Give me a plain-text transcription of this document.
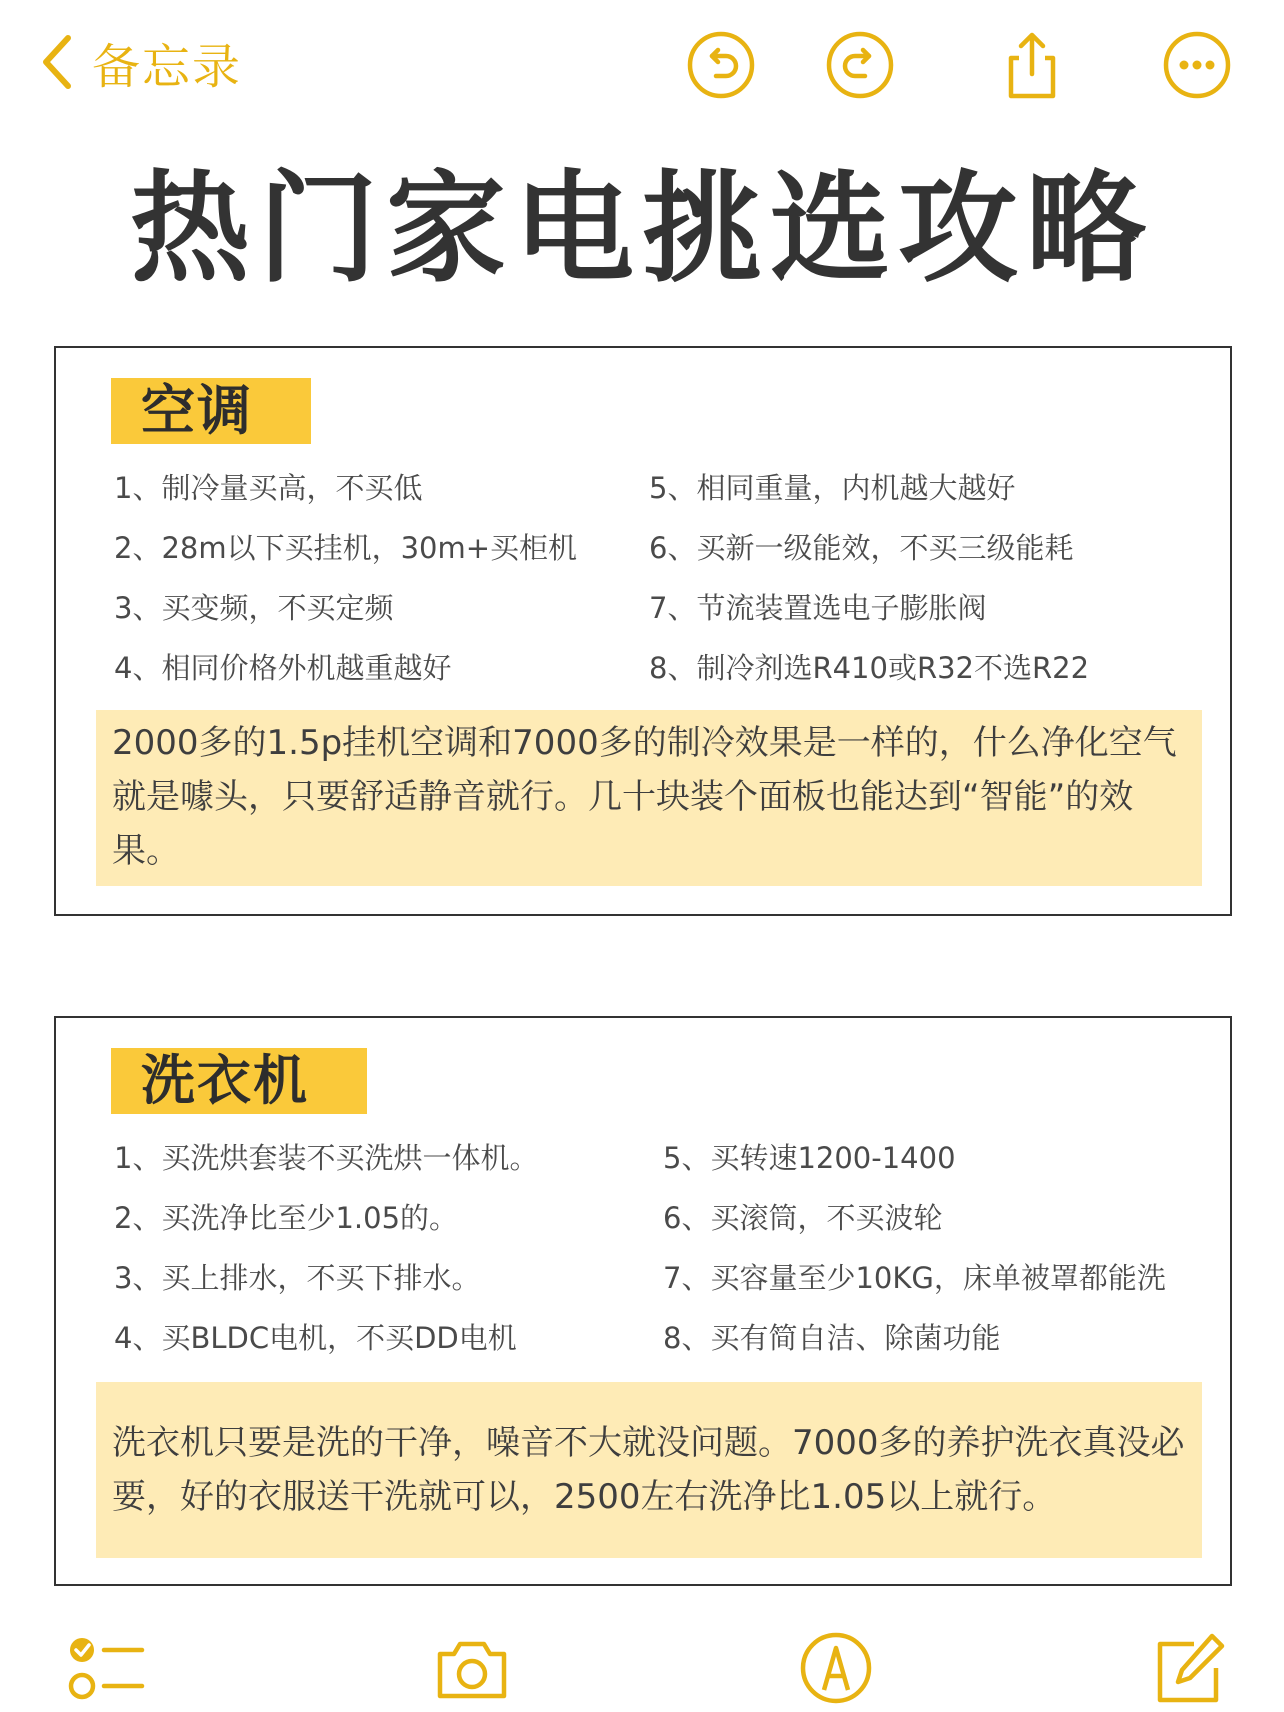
备忘录
热门家电挑选攻略
空调
1、制冷量买高，不买低
2、28m以下买挂机，30m+买柜机
3、买变频，不买定频
4、相同价格外机越重越好
5、相同重量，内机越大越好
6、买新一级能效，不买三级能耗
7、节流装置选电子膨胀阀
8、制冷剂选R410或R32不选R22
2000多的1.5p挂机空调和7000多的制冷效果是一样的，什么净化空气就是噱头，只要舒适静音就行。几十块装个面板也能达到“智能”的效果。
洗衣机
1、买洗烘套装不买洗烘一体机。
2、买洗净比至少1.05的。
3、买上排水，不买下排水。
4、买BLDC电机，不买DD电机
5、买转速1200-1400
6、买滚筒，不买波轮
7、买容量至少10KG，床单被罩都能洗
8、买有简自洁、除菌功能
洗衣机只要是洗的干净，噪音不大就没问题。7000多的养护洗衣真没必要，好的衣服送干洗就可以，2500左右洗净比1.05以上就行。
